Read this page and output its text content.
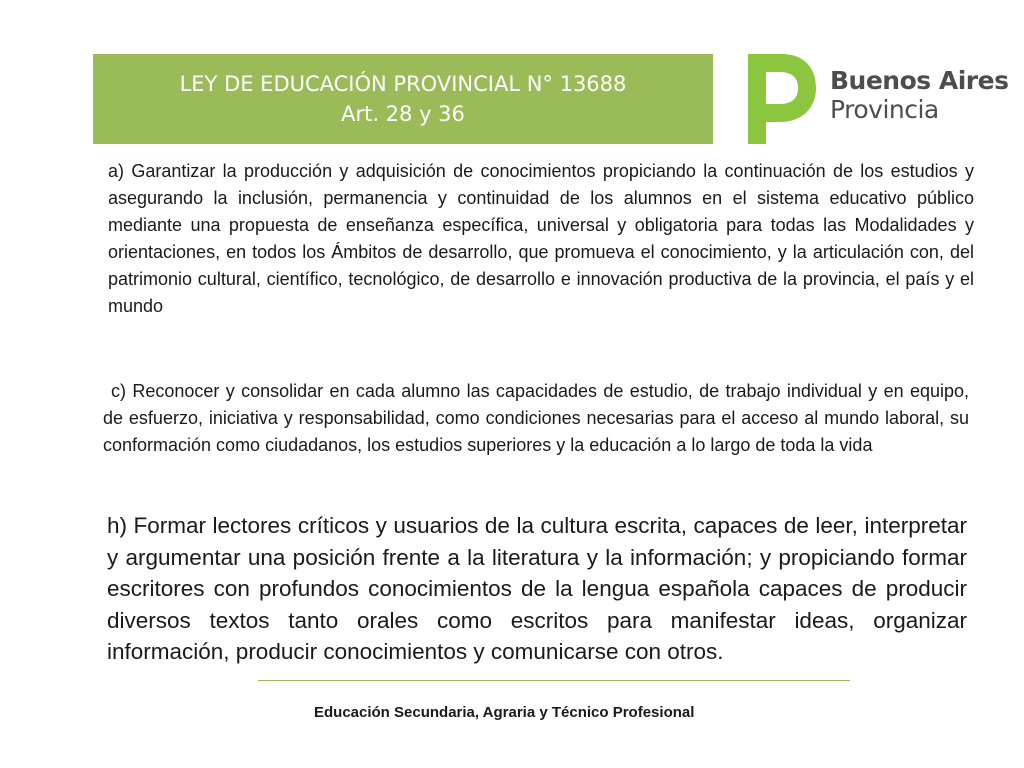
LEY DE EDUCACIÓN PROVINCIAL N° 13688
Art. 28 y 36
Buenos Aires
Provincia
a) Garantizar la producción y adquisición de conocimientos propiciando la continuación de los estudios y asegurando la inclusión, permanencia y continuidad de los alumnos en el sistema educativo público mediante una propuesta de enseñanza específica, universal y obligatoria para todas las Modalidades y orientaciones, en todos los Ámbitos de desarrollo, que promueva el conocimiento, y la articulación con, del patrimonio cultural, científico, tecnológico, de desarrollo e innovación productiva de la provincia, el país y el mundo
c) Reconocer y consolidar en cada alumno las capacidades de estudio, de trabajo individual y en equipo, de esfuerzo, iniciativa y responsabilidad, como condiciones necesarias para el acceso al mundo laboral, su conformación como ciudadanos, los estudios superiores y la educación a lo largo de toda la vida
h) Formar lectores críticos y usuarios de la cultura escrita, capaces de leer, interpretar y argumentar una posición frente a la literatura y la información; y propiciando formar escritores con profundos conocimientos de la lengua española capaces de producir diversos textos tanto orales como escritos para manifestar ideas, organizar información, producir conocimientos y comunicarse con otros.
Educación Secundaria, Agraria y Técnico Profesional
